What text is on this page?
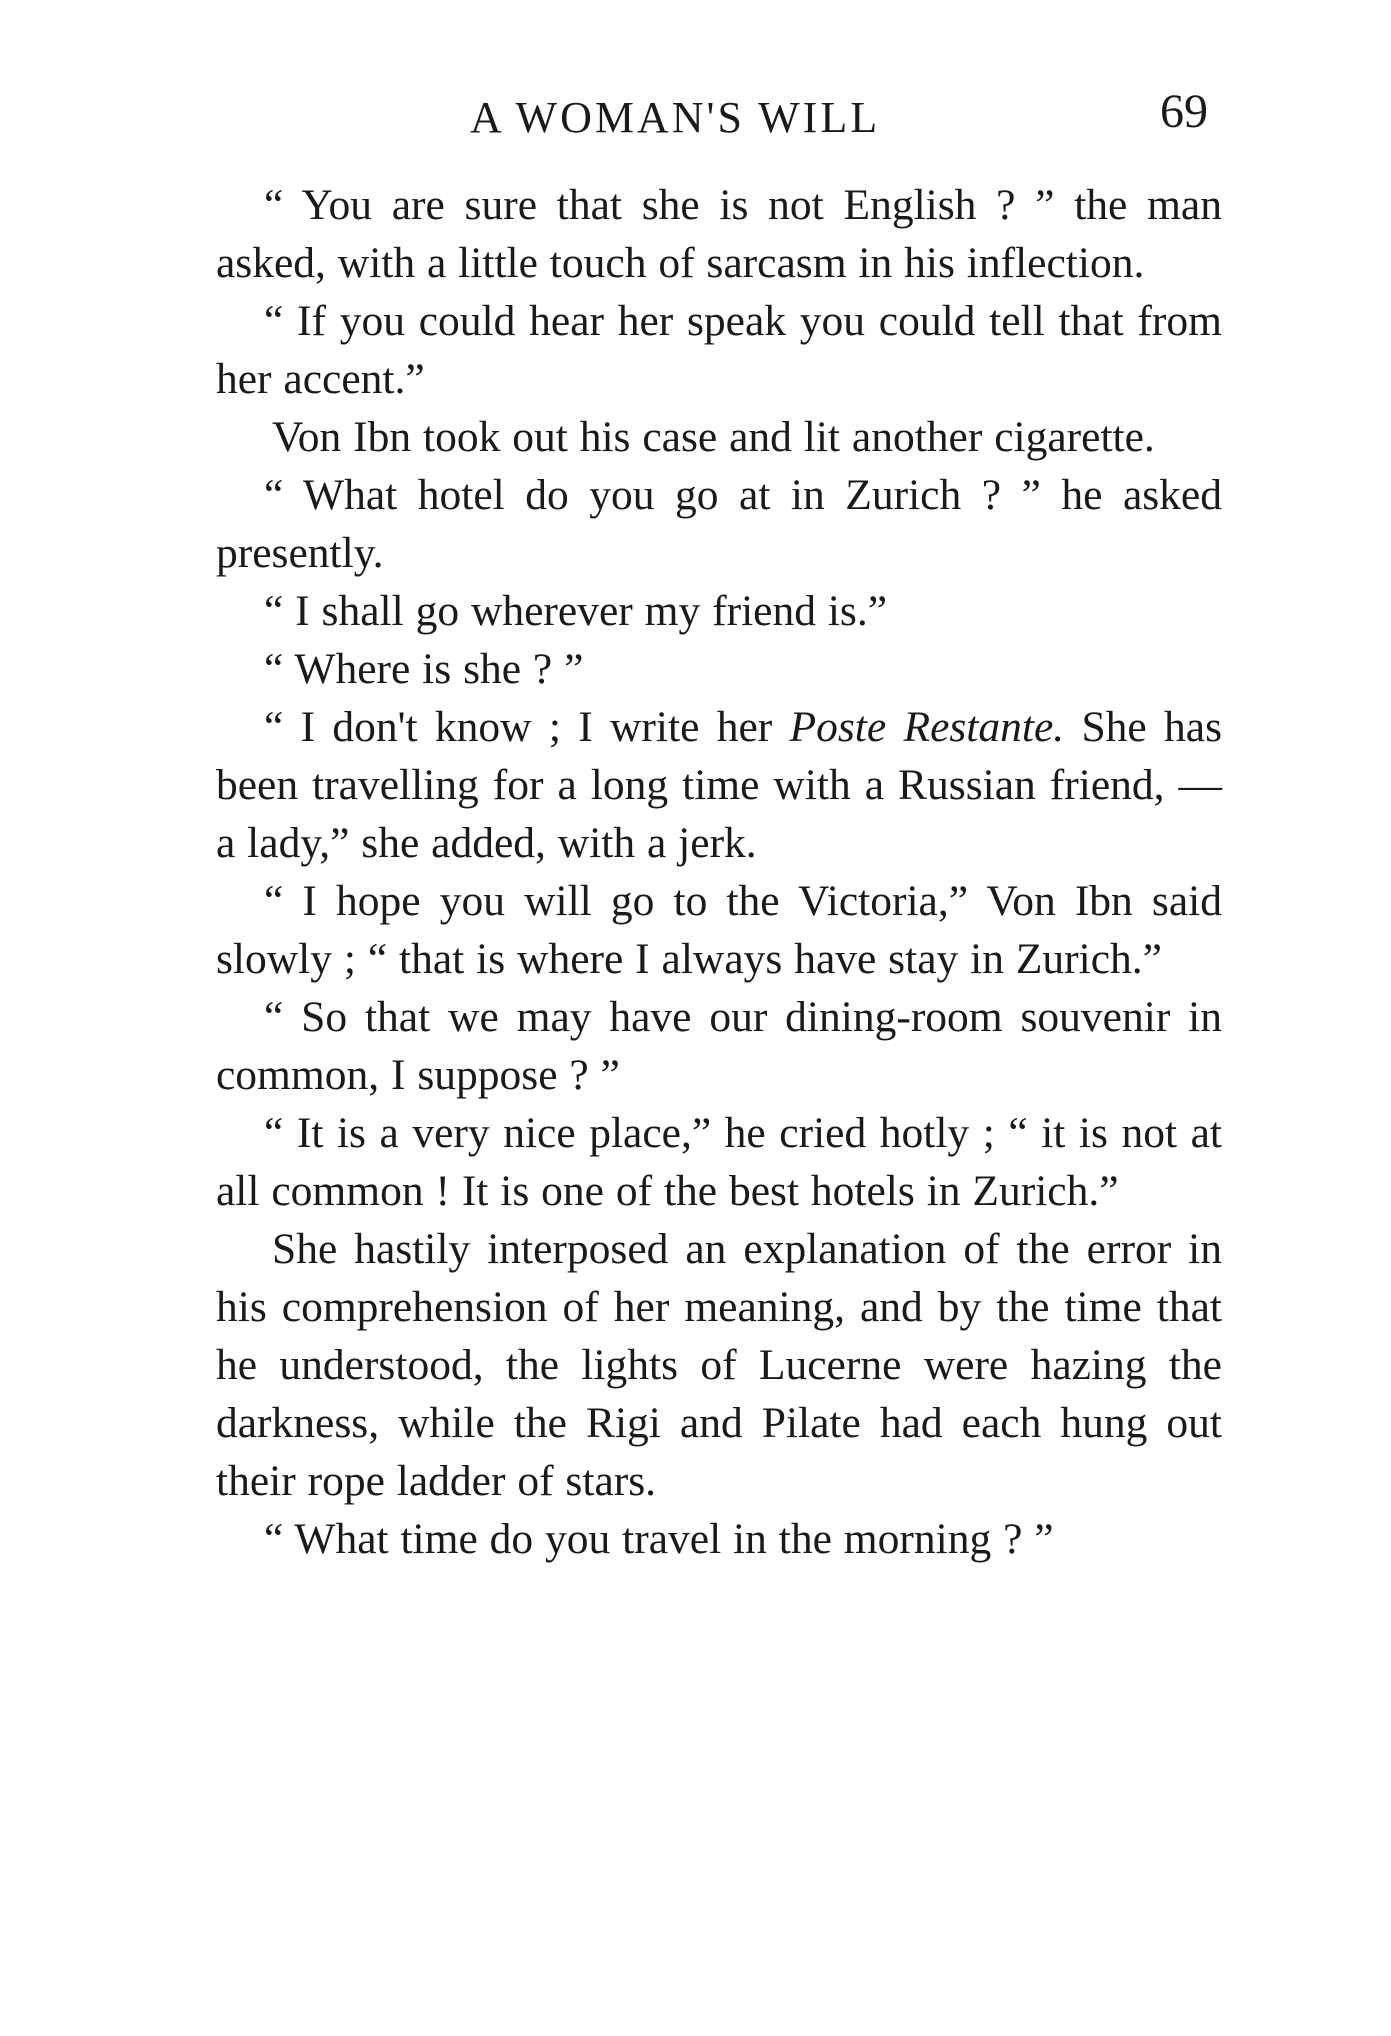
A WOMAN'S WILL	69

“ You are sure that she is not English ? ” the man asked, with a little touch of sarcasm in his inflection.

“ If you could hear her speak you could tell that from her accent.”

Von Ibn took out his case and lit another cigarette.

“ What hotel do you go at in Zurich ? ” he asked presently.

“ I shall go wherever my friend is.”

“ Where is she ? ”

“ I don't know ; I write her Poste Restante. She has been travelling for a long time with a Russian friend, — a lady,” she added, with a jerk.

“ I hope you will go to the Victoria,” Von Ibn said slowly ; “ that is where I always have stay in Zurich.”

“ So that we may have our dining-room souvenir in common, I suppose ? ”

“ It is a very nice place,” he cried hotly ; “ it is not at all common ! It is one of the best hotels in Zurich.”

She hastily interposed an explanation of the error in his comprehension of her meaning, and by the time that he understood, the lights of Lucerne were hazing the darkness, while the Rigi and Pilate had each hung out their rope ladder of stars.

“ What time do you travel in the morning ? ”
